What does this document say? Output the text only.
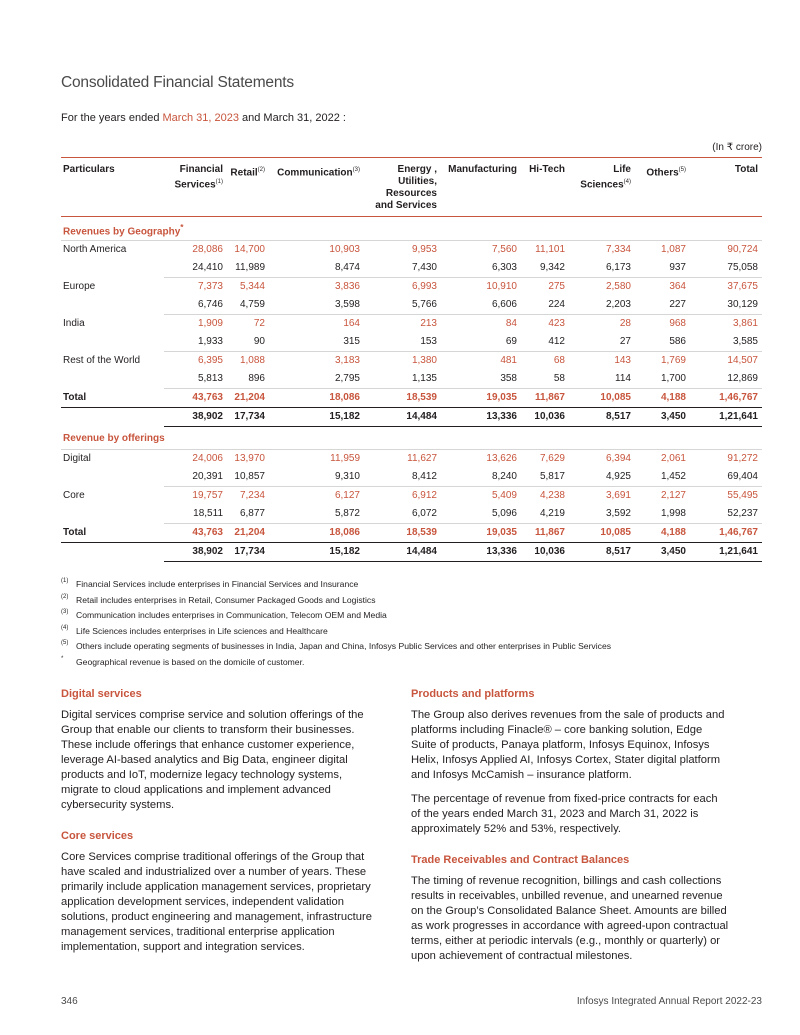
Consolidated Financial Statements
For the years ended March 31, 2023 and March 31, 2022 :
(In ₹ crore)
Particulars	Financial Services$^{(1)}$	Retail$^{(2)}$	Communication$^{(3)}$	Energy , Utilities, Resources and Services	Manufacturing	Hi-Tech	Life Sciences$^{(4)}$	Others$^{(5)}$	Total
Revenues by Geography*
North America	28,086	14,700	10,903	9,953	7,560	11,101	7,334	1,087	90,724
	24,410	11,989	8,474	7,430	6,303	9,342	6,173	937	75,058
Europe	7,373	5,344	3,836	6,993	10,910	275	2,580	364	37,675
	6,746	4,759	3,598	5,766	6,606	224	2,203	227	30,129
India	1,909	72	164	213	84	423	28	968	3,861
	1,933	90	315	153	69	412	27	586	3,585
Rest of the World	6,395	1,088	3,183	1,380	481	68	143	1,769	14,507
	5,813	896	2,795	1,135	358	58	114	1,700	12,869
Total	43,763	21,204	18,086	18,539	19,035	11,867	10,085	4,188	1,46,767
	38,902	17,734	15,182	14,484	13,336	10,036	8,517	3,450	1,21,641
Revenue by offerings									
Digital	24,006	13,970	11,959	11,627	13,626	7,629	6,394	2,061	91,272
	20,391	10,857	9,310	8,412	8,240	5,817	4,925	1,452	69,404
Core	19,757	7,234	6,127	6,912	5,409	4,238	3,691	2,127	55,495
	18,511	6,877	5,872	6,072	5,096	4,219	3,592	1,998	52,237
Total	43,763	21,204	18,086	18,539	19,035	11,867	10,085	4,188	1,46,767
	38,902	17,734	15,182	14,484	13,336	10,036	8,517	3,450	1,21,641
(1) Financial Services include enterprises in Financial Services and Insurance
(2) Retail includes enterprises in Retail, Consumer Packaged Goods and Logistics
(3) Communication includes enterprises in Communication, Telecom OEM and Media
(4) Life Sciences includes enterprises in Life sciences and Healthcare
(5) Others include operating segments of businesses in India, Japan and China, Infosys Public Services and other enterprises in Public Services
* Geographical revenue is based on the domicile of customer.
Digital services

Digital services comprise service and solution offerings of the Group that enable our clients to transform their businesses. These include offerings that enhance customer experience, leverage AI-based analytics and Big Data, engineer digital products and IoT, modernize legacy technology systems, migrate to cloud applications and implement advanced cybersecurity systems.

Core services

Core Services comprise traditional offerings of the Group that have scaled and industrialized over a number of years. These primarily include application management services, proprietary application development services, independent validation solutions, product engineering and management, infrastructure management services, traditional enterprise application implementation, support and integration services.

Products and platforms

The Group also derives revenues from the sale of products and platforms including Finacle® – core banking solution, Edge Suite of products, Panaya platform, Infosys Equinox, Infosys Helix, Infosys Applied AI, Infosys Cortex, Stater digital platform and Infosys McCamish – insurance platform.

The percentage of revenue from fixed-price contracts for each of the years ended March 31, 2023 and March 31, 2022 is approximately 52% and 53%, respectively.

Trade Receivables and Contract Balances

The timing of revenue recognition, billings and cash collections results in receivables, unbilled revenue, and unearned revenue on the Group’s Consolidated Balance Sheet. Amounts are billed as work progresses in accordance with agreed-upon contractual terms, either at periodic intervals (e.g., monthly or quarterly) or upon achievement of contractual milestones.

346	Infosys Integrated Annual Report 2022-23
